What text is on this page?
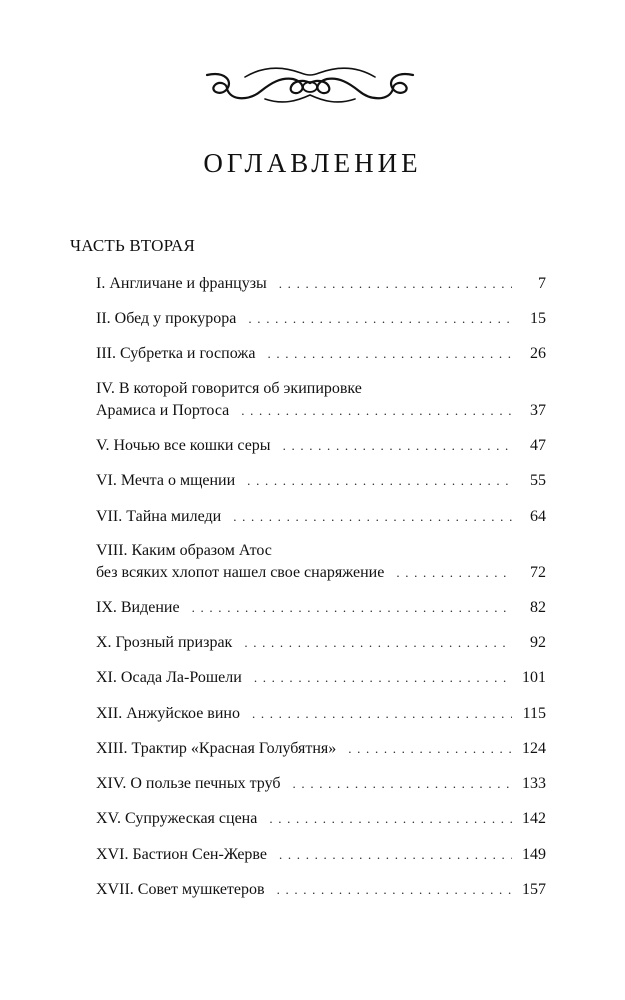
ОГЛАВЛЕНИЕ
ЧАСТЬ ВТОРАЯ
I. Англичане и французы . . .	7
II. Обед у прокурора . . .	15
III. Субретка и госпожа . . .	26
IV. В которой говорится об экипировке
Арамиса и Портоса . . .	37
V. Ночью все кошки серы . . .	47
VI. Мечта о мщении . . .	55
VII. Тайна миледи . . .	64
VIII. Каким образом Атос
без всяких хлопот нашел свое снаряжение . . .	72
IX. Видение . . .	82
X. Грозный призрак . . .	92
XI. Осада Ла-Рошели . . .	101
XII. Анжуйское вино . . .	115
XIII. Трактир «Красная Голубятня» . . .	124
XIV. О пользе печных труб . . .	133
XV. Супружеская сцена . . .	142
XVI. Бастион Сен-Жерве . . .	149
XVII. Совет мушкетеров . . .	157
